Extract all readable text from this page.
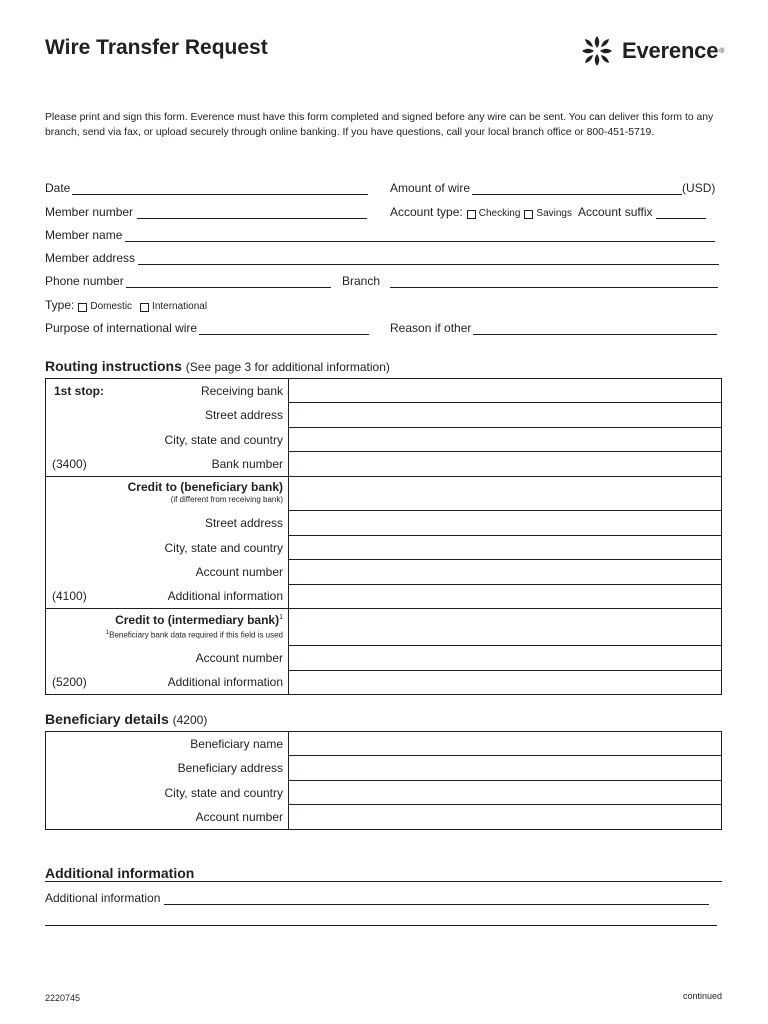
Wire Transfer Request	Everence ®
Please print and sign this form. Everence must have this form completed and signed before any wire can be sent. You can deliver this form to any branch, send via fax, or upload securely through online banking. If you have questions, call your local branch office or 800-451-5719.
Date	Amount of wire	(USD)
Member number	Account type: Checking Savings Account suffix
Member name
Member address
Phone number	Branch
Type: Domestic International
Purpose of international wire	Reason if other
Routing instructions (See page 3 for additional information)
1st stop: Receiving bank	
Street address	
City, state and country	

(3400) Bank number	
Credit to (beneficiary bank)
(if different from receiving bank)	

Street address	
City, state and country	
Account number	

(4100) Additional information	
Credit to (intermediary bank)$^1$
$^1$Beneficiary bank data required if this field is used	

Account number	

(5200) Additional information	
Beneficiary details (4200)
Beneficiary name	
Beneficiary address	
City, state and country	
Account number	
Additional information
Additional information
2220745	continued
